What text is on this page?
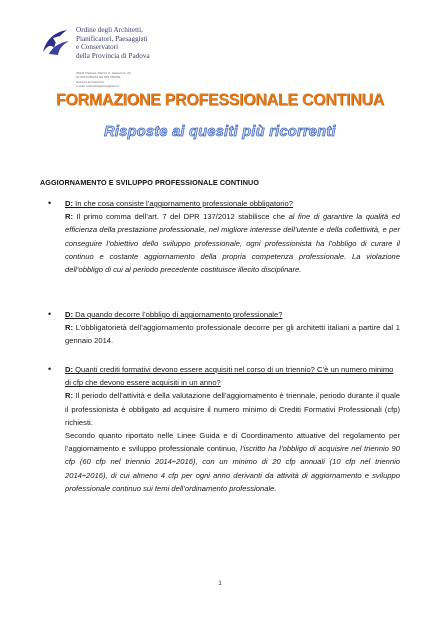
Ordine degli Architetti,
Pianificatori, Paesaggisti
e Conservatori
della Provincia di Padova
35141 Padova, Piazza G. Salvemini, 20
tel 049 8750244 fax 049 654651
www.pd.archiworld.it
e-mail: architettipadova@awn.it
FORMAZIONE PROFESSIONALE CONTINUA
Risposte ai quesiti più ricorrenti
AGGIORNAMENTO E SVILUPPO PROFESSIONALE CONTINUO
• D: In che cosa consiste l’aggiornamento professionale obbligatorio?

R: Il primo comma dell’art. 7 del DPR 137/2012 stabilisce che al fine di garantire la qualità ed efficienza della prestazione professionale, nel migliore interesse dell’utente e della collettività, e per conseguire l’obiettivo dello sviluppo professionale, ogni professionista ha l’obbligo di curare il continuo e costante aggiornamento della propria competenza professionale. La violazione dell’obbligo di cui al periodo precedente costituisce illecito disciplinare.

• D: Da quando decorre l’obbligo di aggiornamento professionale?

R: L’obbligatorietà dell’aggiornamento professionale decorre per gli architetti italiani a partire dal 1 gennaio 2014.

• D: Quanti crediti formativi devono essere acquisiti nel corso di un triennio? C’è un numero minimo di cfp che devono essere acquisiti in un anno?

R: Il periodo dell’attività e della valutazione dell’aggiornamento è triennale, periodo durante il quale il professionista è obbligato ad acquisire il numero minimo di Crediti Formativi Professionali (cfp) richiesti.

Secondo quanto riportato nelle Linee Guida e di Coordinamento attuative del regolamento per l’aggiornamento e sviluppo professionale continuo, l’iscritto ha l’obbligo di acquisire nel triennio 90 cfp (60 cfp nel triennio 2014÷2016), con un minimo di 20 cfp annuali (10 cfp nel triennio 2014÷2016), di cui almeno 4 cfp per ogni anno derivanti da attività di aggiornamento e sviluppo professionale continuo sui temi dell’ordinamento professionale.

1
